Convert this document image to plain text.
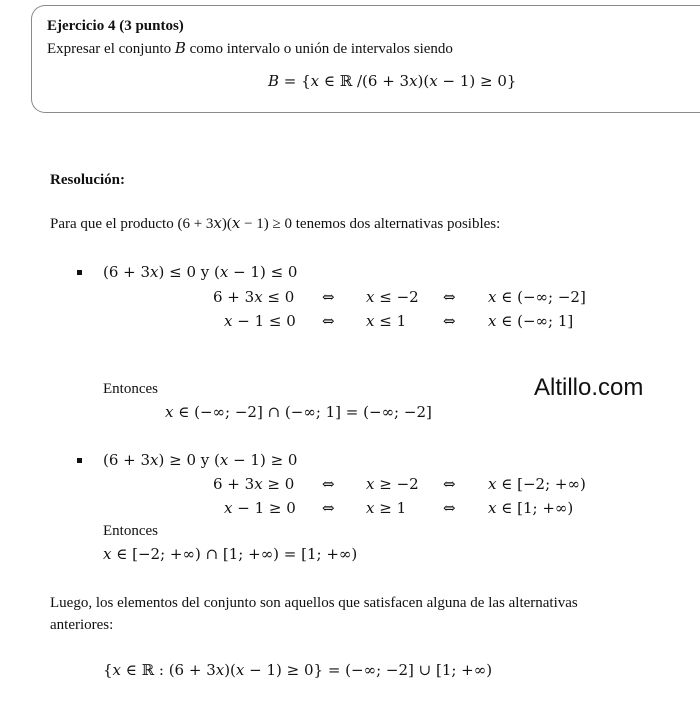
Ejercicio 4 (3 puntos)
Expresar el conjunto 𝐵 como intervalo o unión de intervalos siendo
𝐵 = {𝑥 ∈ ℝ /(6 + 3𝑥)(𝑥 − 1) ≥ 0}
Resolución:
Para que el producto (6 + 3𝑥)(𝑥 − 1) ≥ 0 tenemos dos alternativas posibles:
(6 + 3𝑥) ≤ 0 y (𝑥 − 1) ≤ 0
6 + 3𝑥 ≤ 0 ⇔ 𝑥 ≤ −2 ⇔ 𝑥 ∈ (−∞; −2]
𝑥 − 1 ≤ 0 ⇔ 𝑥 ≤ 1 ⇔ 𝑥 ∈ (−∞; 1]
Entonces
𝑥 ∈ (−∞; −2] ∩ (−∞; 1] = (−∞; −2]
Altillo.com
(6 + 3𝑥) ≥ 0 y (𝑥 − 1) ≥ 0
6 + 3𝑥 ≥ 0 ⇔ 𝑥 ≥ −2 ⇔ 𝑥 ∈ [−2; +∞)
𝑥 − 1 ≥ 0 ⇔ 𝑥 ≥ 1 ⇔ 𝑥 ∈ [1; +∞)
Entonces
𝑥 ∈ [−2; +∞) ∩ [1; +∞) = [1; +∞)
Luego, los elementos del conjunto son aquellos que satisfacen alguna de las alternativas
anteriores:
{𝑥 ∈ ℝ : (6 + 3𝑥)(𝑥 − 1) ≥ 0} = (−∞; −2] ∪ [1; +∞)
